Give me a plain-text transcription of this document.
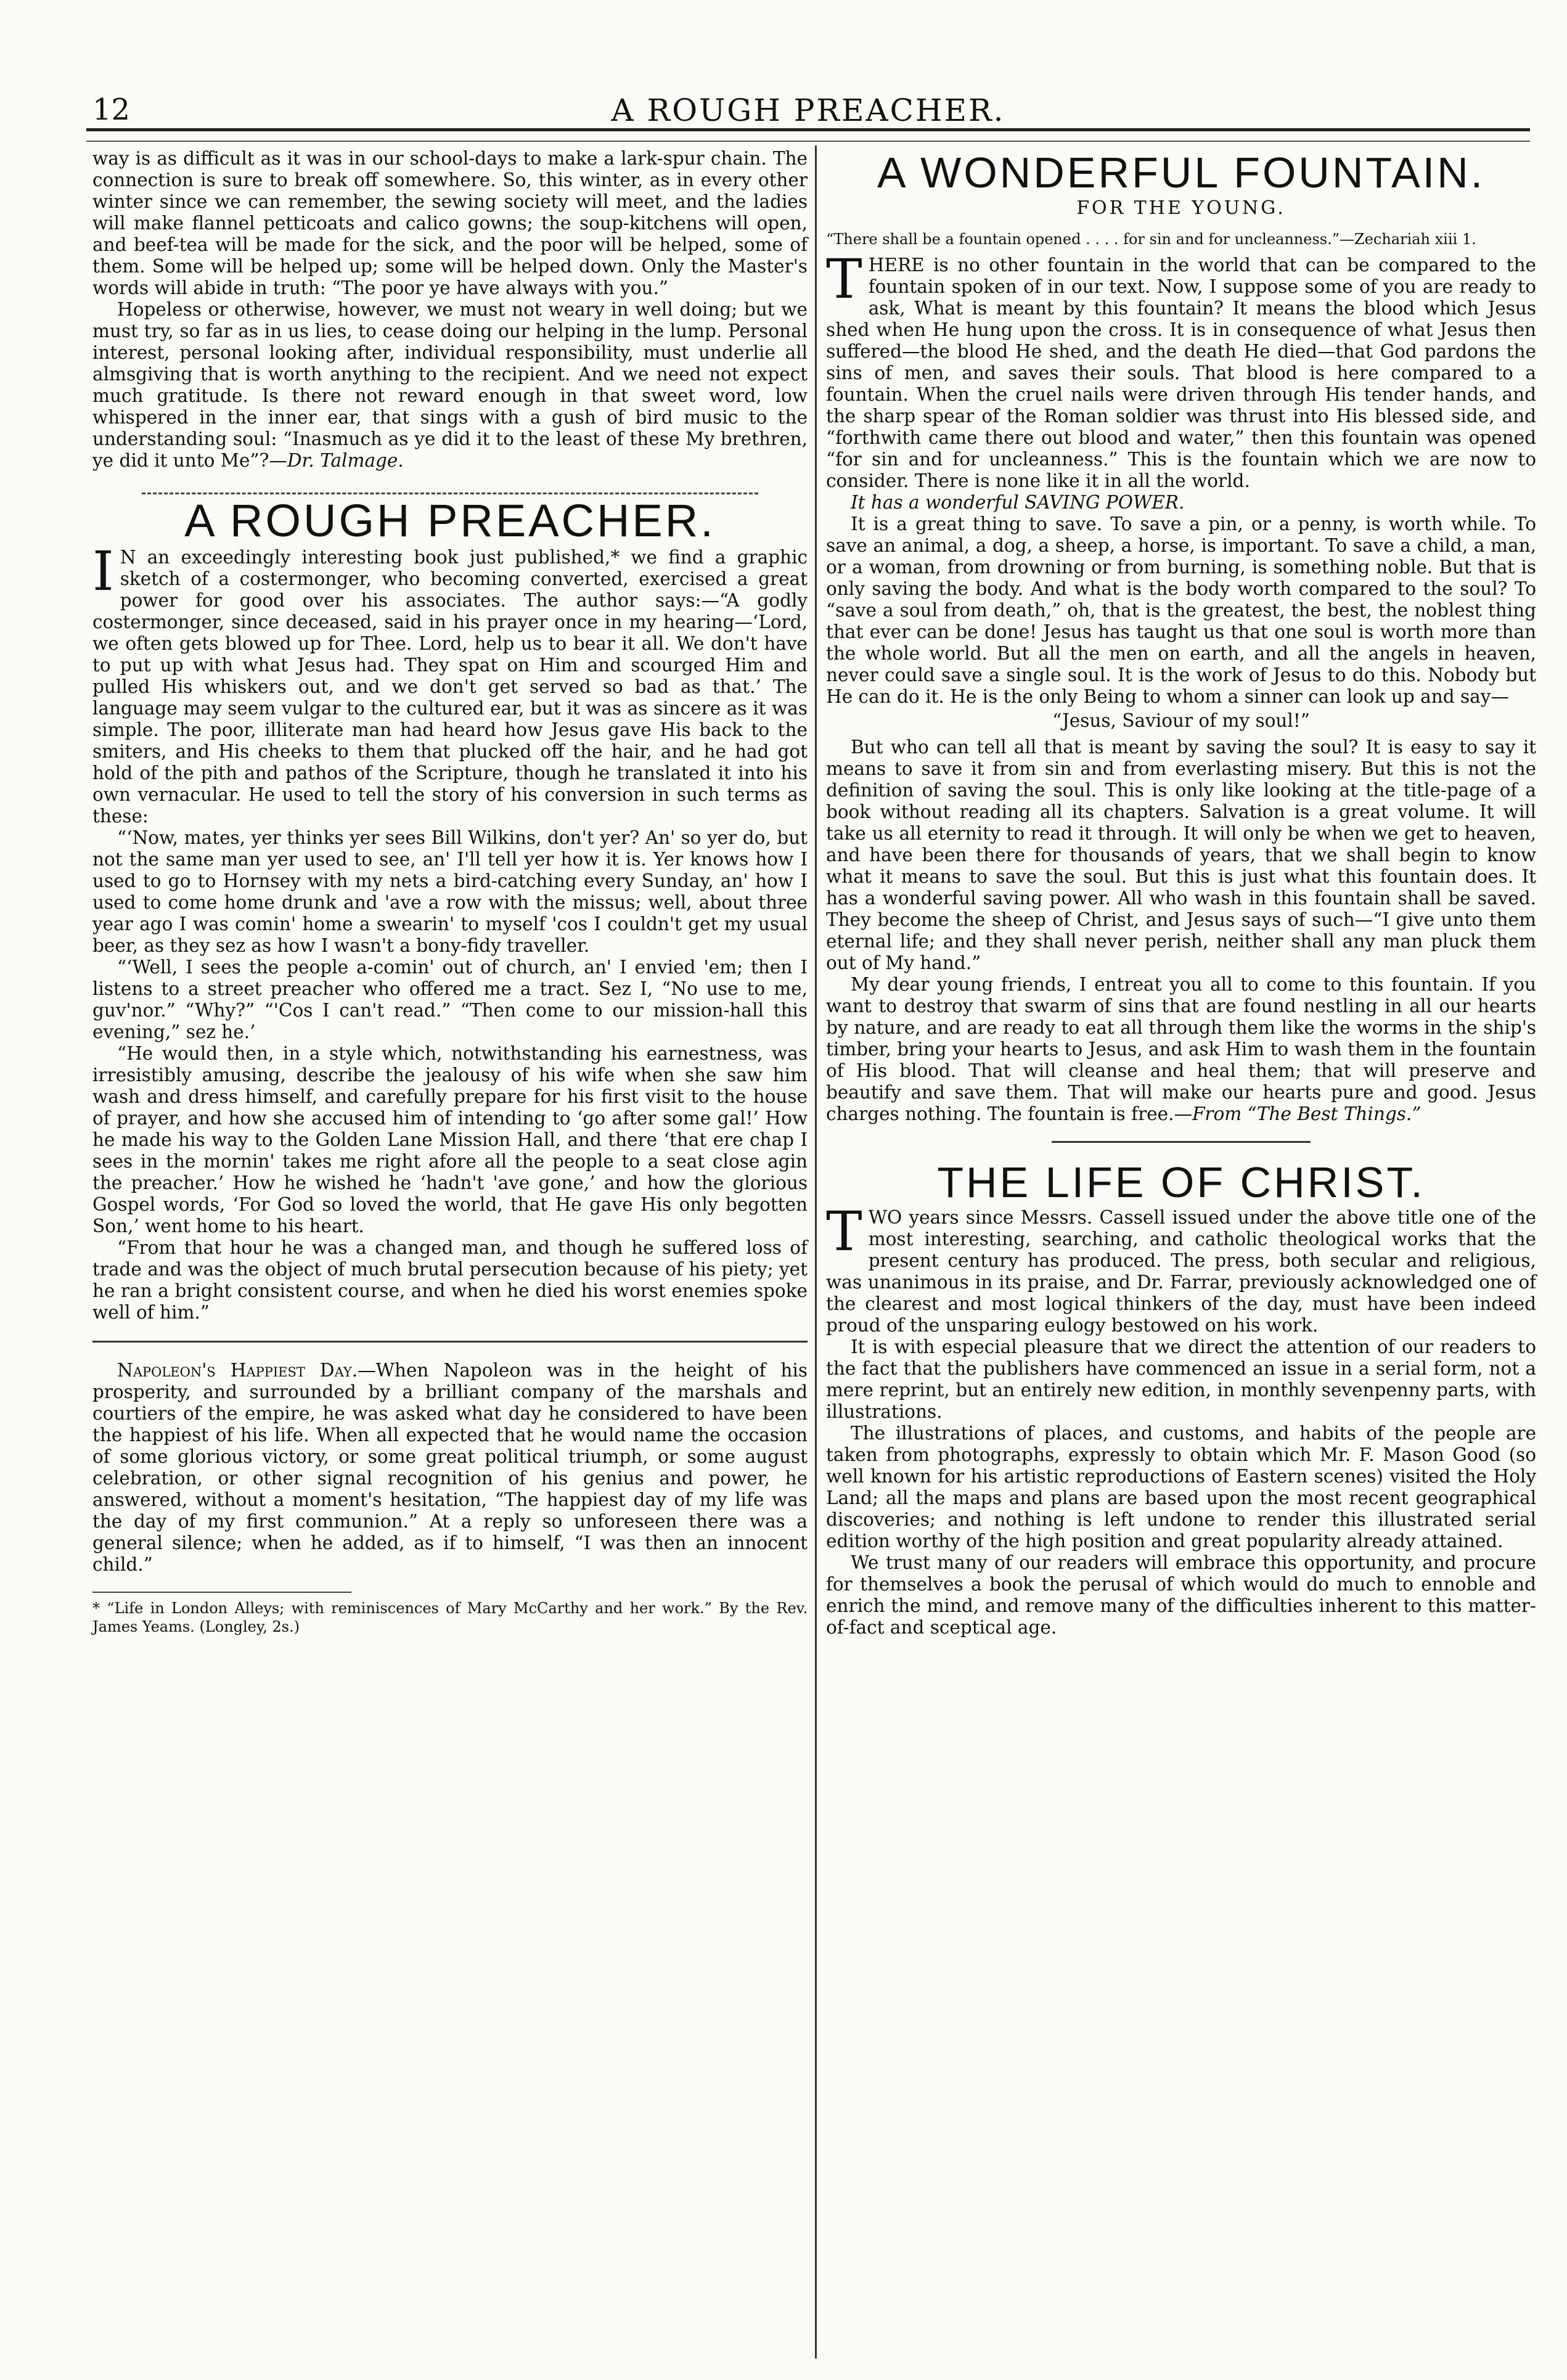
12	A ROUGH PREACHER.

way is as difficult as it was in our school-days to make a lark-spur chain. The connection is sure to break off somewhere. So, this winter, as in every other winter since we can remember, the sewing society will meet, and the ladies will make flannel petticoats and calico gowns; the soup-kitchens will open, and beef-tea will be made for the sick, and the poor will be helped, some of them. Some will be helped up; some will be helped down. Only the Master's words will abide in truth: “The poor ye have always with you.”

Hopeless or otherwise, however, we must not weary in well doing; but we must try, so far as in us lies, to cease doing our helping in the lump. Personal interest, personal looking after, individual responsibility, must underlie all almsgiving that is worth anything to the recipient. And we need not expect much gratitude. Is there not reward enough in that sweet word, low whispered in the inner ear, that sings with a gush of bird music to the understanding soul: “Inasmuch as ye did it to the least of these My brethren, ye did it unto Me”?—Dr. Talmage.

A ROUGH PREACHER.

I N an exceedingly interesting book just published,* we find a graphic sketch of a costermonger, who becoming converted, exercised a great power for good over his associates. The author says:—“A godly costermonger, since deceased, said in his prayer once in my hearing—‘Lord, we often gets blowed up for Thee. Lord, help us to bear it all. We don't have to put up with what Jesus had. They spat on Him and scourged Him and pulled His whiskers out, and we don't get served so bad as that.’ The language may seem vulgar to the cultured ear, but it was as sincere as it was simple. The poor, illiterate man had heard how Jesus gave His back to the smiters, and His cheeks to them that plucked off the hair, and he had got hold of the pith and pathos of the Scripture, though he translated it into his own vernacular. He used to tell the story of his conversion in such terms as these:

“‘Now, mates, yer thinks yer sees Bill Wilkins, don't yer? An' so yer do, but not the same man yer used to see, an' I'll tell yer how it is. Yer knows how I used to go to Hornsey with my nets a bird-catching every Sunday, an' how I used to come home drunk and 'ave a row with the missus; well, about three year ago I was comin' home a swearin' to myself 'cos I couldn't get my usual beer, as they sez as how I wasn't a bony-fidy traveller.

“‘Well, I sees the people a-comin' out of church, an' I envied 'em; then I listens to a street preacher who offered me a tract. Sez I, “No use to me, guv'nor.” “Why?” “'Cos I can't read.” “Then come to our mission-hall this evening,” sez he.’

“He would then, in a style which, notwithstanding his earnestness, was irresistibly amusing, describe the jealousy of his wife when she saw him wash and dress himself, and carefully prepare for his first visit to the house of prayer, and how she accused him of intending to ‘go after some gal!’ How he made his way to the Golden Lane Mission Hall, and there ‘that ere chap I sees in the mornin' takes me right afore all the people to a seat close agin the preacher.’ How he wished he ‘hadn't 'ave gone,’ and how the glorious Gospel words, ‘For God so loved the world, that He gave His only begotten Son,’ went home to his heart.

“From that hour he was a changed man, and though he suffered loss of trade and was the object of much brutal persecution because of his piety; yet he ran a bright consistent course, and when he died his worst enemies spoke well of him.”

Napoleon's Happiest Day.—When Napoleon was in the height of his prosperity, and surrounded by a brilliant company of the marshals and courtiers of the empire, he was asked what day he considered to have been the happiest of his life. When all expected that he would name the occasion of some glorious victory, or some great political triumph, or some august celebration, or other signal recognition of his genius and power, he answered, without a moment's hesitation, “The happiest day of my life was the day of my first communion.” At a reply so unforeseen there was a general silence; when he added, as if to himself, “I was then an innocent child.”

* “Life in London Alleys; with reminiscences of Mary McCarthy and her work.” By the Rev. James Yeams. (Longley, 2s.)

A WONDERFUL FOUNTAIN.
FOR THE YOUNG.

“There shall be a fountain opened . . . . for sin and for uncleanness.”—Zechariah xiii 1.

THERE is no other fountain in the world that can be compared to the fountain spoken of in our text. Now, I suppose some of you are ready to ask, What is meant by this fountain? It means the blood which Jesus shed when He hung upon the cross. It is in consequence of what Jesus then suffered—the blood He shed, and the death He died—that God pardons the sins of men, and saves their souls. That blood is here compared to a fountain. When the cruel nails were driven through His tender hands, and the sharp spear of the Roman soldier was thrust into His blessed side, and “forthwith came there out blood and water,” then this fountain was opened “for sin and for uncleanness.” This is the fountain which we are now to consider. There is none like it in all the world.

It has a wonderful SAVING POWER.

It is a great thing to save. To save a pin, or a penny, is worth while. To save an animal, a dog, a sheep, a horse, is important. To save a child, a man, or a woman, from drowning or from burning, is something noble. But that is only saving the body. And what is the body worth compared to the soul? To “save a soul from death,” oh, that is the greatest, the best, the noblest thing that ever can be done! Jesus has taught us that one soul is worth more than the whole world. But all the men on earth, and all the angels in heaven, never could save a single soul. It is the work of Jesus to do this. Nobody but He can do it. He is the only Being to whom a sinner can look up and say—

“Jesus, Saviour of my soul!”

But who can tell all that is meant by saving the soul? It is easy to say it means to save it from sin and from everlasting misery. But this is not the definition of saving the soul. This is only like looking at the title-page of a book without reading all its chapters. Salvation is a great volume. It will take us all eternity to read it through. It will only be when we get to heaven, and have been there for thousands of years, that we shall begin to know what it means to save the soul. But this is just what this fountain does. It has a wonderful saving power. All who wash in this fountain shall be saved. They become the sheep of Christ, and Jesus says of such—“I give unto them eternal life; and they shall never perish, neither shall any man pluck them out of My hand.”

My dear young friends, I entreat you all to come to this fountain. If you want to destroy that swarm of sins that are found nestling in all our hearts by nature, and are ready to eat all through them like the worms in the ship's timber, bring your hearts to Jesus, and ask Him to wash them in the fountain of His blood. That will cleanse and heal them; that will preserve and beautify and save them. That will make our hearts pure and good. Jesus charges nothing. The fountain is free.—From “The Best Things.”

THE LIFE OF CHRIST.

TWO years since Messrs. Cassell issued under the above title one of the most interesting, searching, and catholic theological works that the present century has produced. The press, both secular and religious, was unanimous in its praise, and Dr. Farrar, previously acknowledged one of the clearest and most logical thinkers of the day, must have been indeed proud of the unsparing eulogy bestowed on his work.

It is with especial pleasure that we direct the attention of our readers to the fact that the publishers have commenced an issue in a serial form, not a mere reprint, but an entirely new edition, in monthly sevenpenny parts, with illustrations.

The illustrations of places, and customs, and habits of the people are taken from photographs, expressly to obtain which Mr. F. Mason Good (so well known for his artistic reproductions of Eastern scenes) visited the Holy Land; all the maps and plans are based upon the most recent geographical discoveries; and nothing is left undone to render this illustrated serial edition worthy of the high position and great popularity already attained.

We trust many of our readers will embrace this opportunity, and procure for themselves a book the perusal of which would do much to ennoble and enrich the mind, and remove many of the difficulties inherent to this matter-of-fact and sceptical age.
